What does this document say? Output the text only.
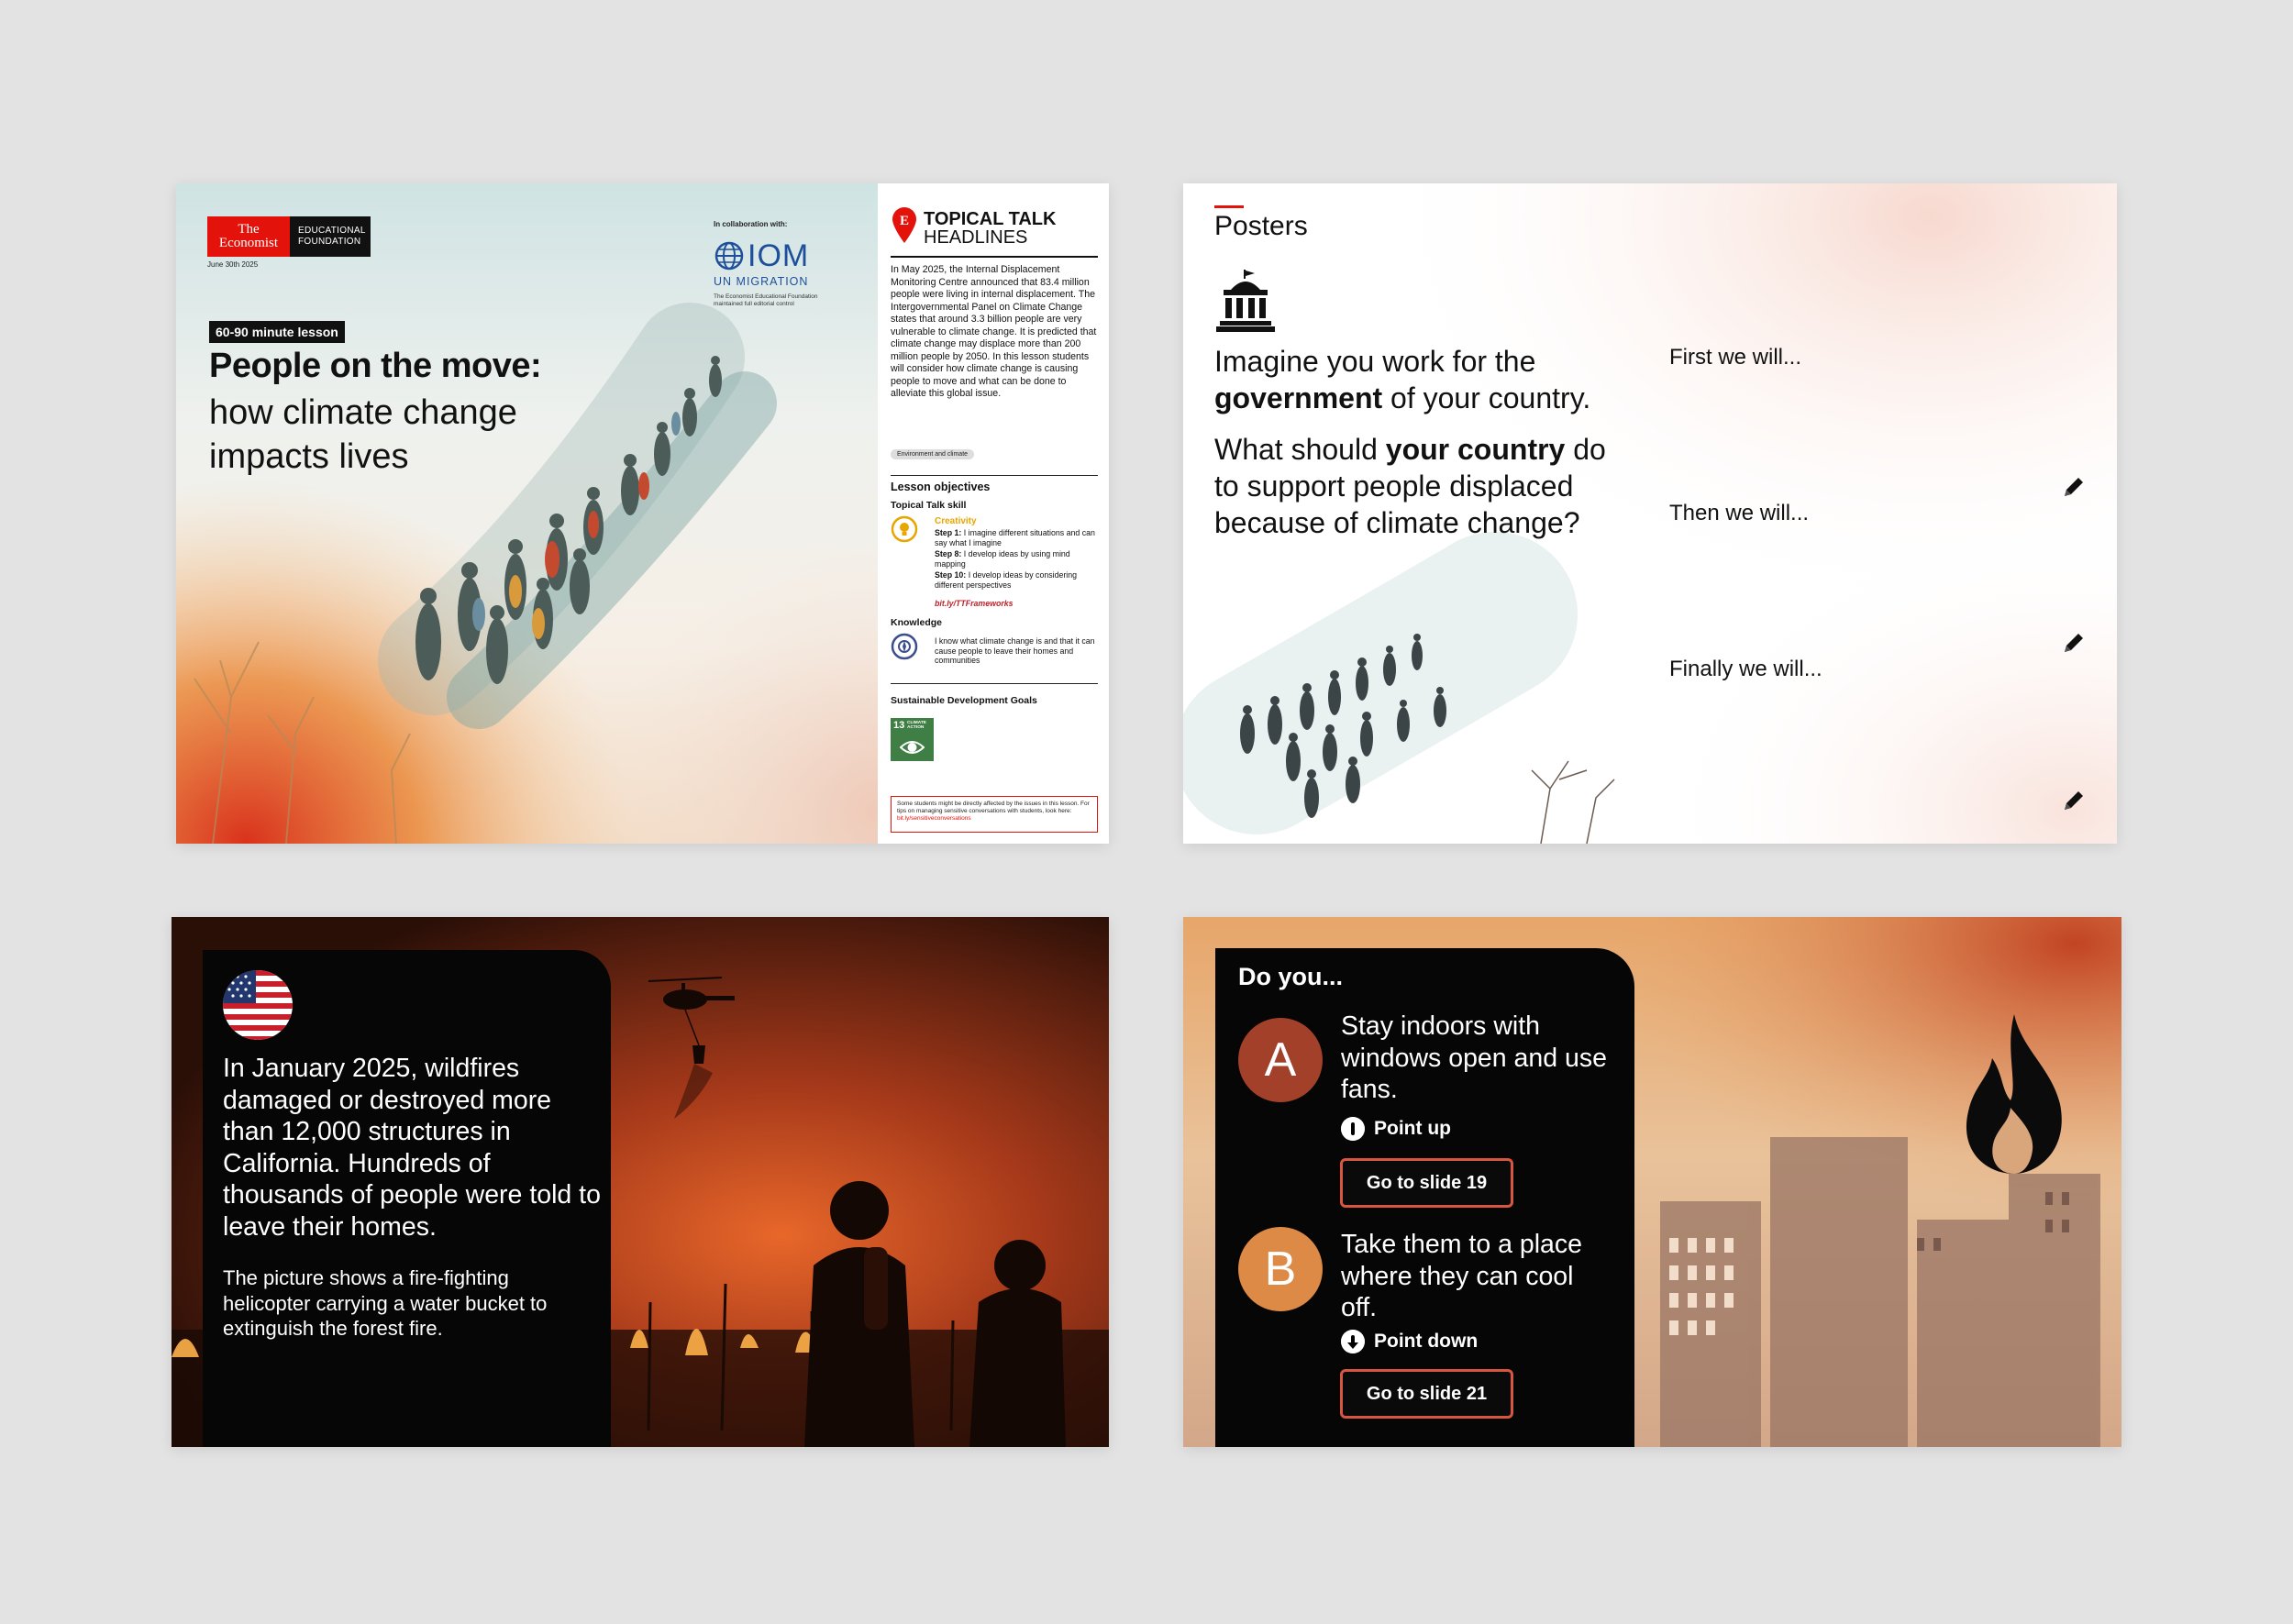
The
Economist
EDUCATIONAL
FOUNDATION
June 30th 2025
In collaboration with:
IOM
UN MIGRATION
The Economist Educational Foundation maintained full editorial control
60-90 minute lesson
People on the move:
how climate change impacts lives
E TOPICAL TALK
HEADLINES
In May 2025, the Internal Displacement Monitoring Centre announced that 83.4 million people were living in internal displacement. The Intergovernmental Panel on Climate Change states that around 3.3 billion people are very vulnerable to climate change. It is predicted that climate change may displace more than 200 million people by 2050. In this lesson students will consider how climate change is causing people to move and what can be done to alleviate this global issue.
Environment and climate
Lesson objectives
Topical Talk skill
Creativity
Step 1: I imagine different situations and can say what I imagine
Step 8: I develop ideas by using mind mapping
Step 10: I develop ideas by considering different perspectives
bit.ly/TTFrameworks
Knowledge
I know what climate change is and that it can cause people to leave their homes and communities
Sustainable Development Goals
13 CLIMATE ACTION
Some students might be directly affected by the issues in this lesson. For tips on managing sensitive conversations with students, look here: bit.ly/sensitiveconversations
Posters
Imagine you work for the government of your country.
What should your country do to support people displaced because of climate change?
First we will...
Then we will...
Finally we will...
In January 2025, wildfires damaged or destroyed more than 12,000 structures in California. Hundreds of thousands of people were told to leave their homes.
The picture shows a fire-fighting helicopter carrying a water bucket to extinguish the forest fire.
Do you...
A
Stay indoors with windows open and use fans.
Point up
Go to slide 19
B	Take them to a place where they can cool off.
Point down
Go to slide 21
